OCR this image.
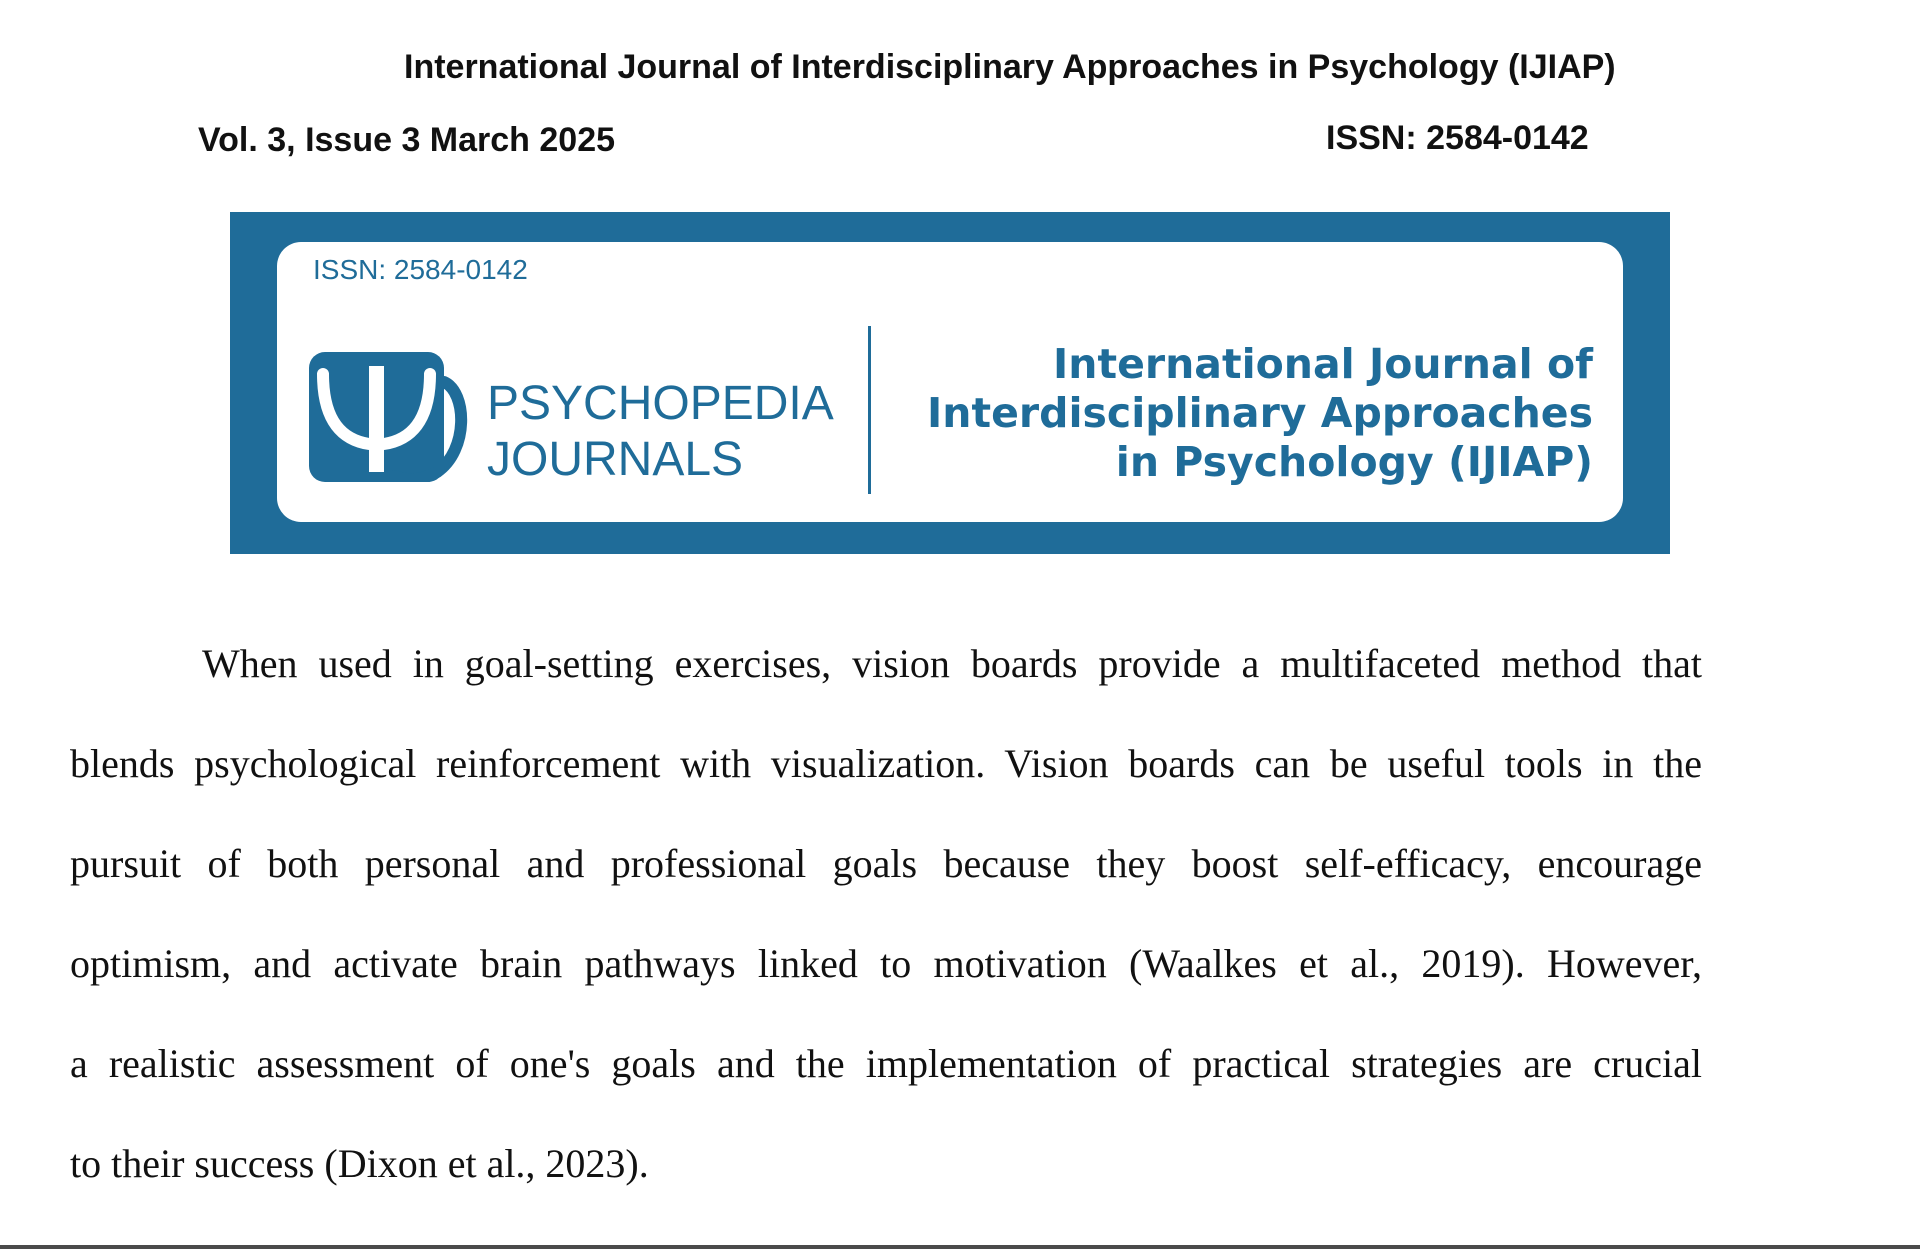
International Journal of Interdisciplinary Approaches in Psychology (IJIAP)
Vol. 3, Issue 3 March 2025	ISSN: 2584-0142
ISSN: 2584-0142
PSYCHOPEDIA
JOURNALS
International Journal of
Interdisciplinary Approaches
in Psychology (IJIAP)
When used in goal-setting exercises, vision boards provide a multifaceted method that
blends psychological reinforcement with visualization. Vision boards can be useful tools in the
pursuit of both personal and professional goals because they boost self-efficacy, encourage
optimism, and activate brain pathways linked to motivation (Waalkes et al., 2019). However,
a realistic assessment of one's goals and the implementation of practical strategies are crucial
to their success (Dixon et al., 2023).
